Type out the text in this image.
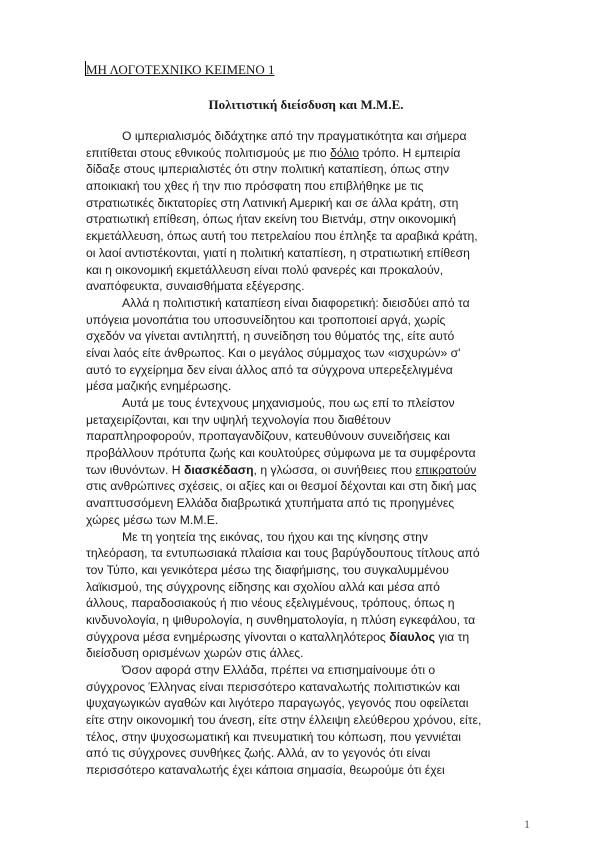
ΜΗ ΛΟΓΟΤΕΧΝΙΚΟ ΚΕΙΜΕΝΟ 1
Πολιτιστική διείσδυση και Μ.Μ.Ε.
Ο ιμπεριαλισμός διδάχτηκε από την πραγματικότητα και σήμερα
επιτίθεται στους εθνικούς πολιτισμούς με πιο δόλιο τρόπο. Η εμπειρία
δίδαξε στους ιμπεριαλιστές ότι στην πολιτική καταπίεση, όπως στην
αποικιακή του χθες ή την πιο πρόσφατη που επιβλήθηκε με τις
στρατιωτικές δικτατορίες στη Λατινική Αμερική και σε άλλα κράτη, στη
στρατιωτική επίθεση, όπως ήταν εκείνη του Βιετνάμ, στην οικονομική
εκμετάλλευση, όπως αυτή του πετρελαίου που έπληξε τα αραβικά κράτη,
οι λαοί αντιστέκονται, γιατί η πολιτική καταπίεση, η στρατιωτική επίθεση
και η οικονομική εκμετάλλευση είναι πολύ φανερές και προκαλούν,
αναπόφευκτα, συναισθήματα εξέγερσης.
Αλλά η πολιτιστική καταπίεση είναι διαφορετική: διεισδύει από τα
υπόγεια μονοπάτια του υποσυνείδητου και τροποποιεί αργά, χωρίς
σχεδόν να γίνεται αντιληπτή, η συνείδηση του θύματός της, είτε αυτό
είναι λαός είτε άνθρωπος. Και ο μεγάλος σύμμαχος των «ισχυρών» σ'
αυτό το εγχείρημα δεν είναι άλλος από τα σύγχρονα υπερεξελιγμένα
μέσα μαζικής ενημέρωσης.
Αυτά με τους έντεχνους μηχανισμούς, που ως επί το πλείστον
μεταχειρίζονται, και την υψηλή τεχνολογία που διαθέτουν
παραπληροφορούν, προπαγανδίζουν, κατευθύνουν συνειδήσεις και
προβάλλουν πρότυπα ζωής και κουλτούρες σύμφωνα με τα συμφέροντα
των ιθυνόντων. Η διασκέδαση, η γλώσσα, οι συνήθειες που επικρατούν
στις ανθρώπινες σχέσεις, οι αξίες και οι θεσμοί δέχονται και στη δική μας
αναπτυσσόμενη Ελλάδα διαβρωτικά χτυπήματα από τις προηγμένες
χώρες μέσω των Μ.Μ.Ε.
Με τη γοητεία της εικόνας, του ήχου και της κίνησης στην
τηλεόραση, τα εντυπωσιακά πλαίσια και τους βαρύγδουπους τίτλους από
τον Τύπο, και γενικότερα μέσω της διαφήμισης, του συγκαλυμμένου
λαϊκισμού, της σύγχρονης είδησης και σχολίου αλλά και μέσα από
άλλους, παραδοσιακούς ή πιο νέους εξελιγμένους, τρόπους, όπως η
κινδυνολογία, η ψιθυρολογία, η συνθηματολογία, η πλύση εγκεφάλου, τα
σύγχρονα μέσα ενημέρωσης γίνονται ο καταλληλότερος δίαυλος για τη
διείσδυση ορισμένων χωρών στις άλλες.
Όσον αφορά στην Ελλάδα, πρέπει να επισημαίνουμε ότι ο
σύγχρονος Έλληνας είναι περισσότερο καταναλωτής πολιτιστικών και
ψυχαγωγικών αγαθών και λιγότερο παραγωγός, γεγονός που οφείλεται
είτε στην οικονομική του άνεση, είτε στην έλλειψη ελεύθερου χρόνου, είτε,
τέλος, στην ψυχοσωματική και πνευματική του κόπωση, που γεννιέται
από τις σύγχρονες συνθήκες ζωής. Αλλά, αν το γεγονός ότι είναι
περισσότερο καταναλωτής έχει κάποια σημασία, θεωρούμε ότι έχει
1
